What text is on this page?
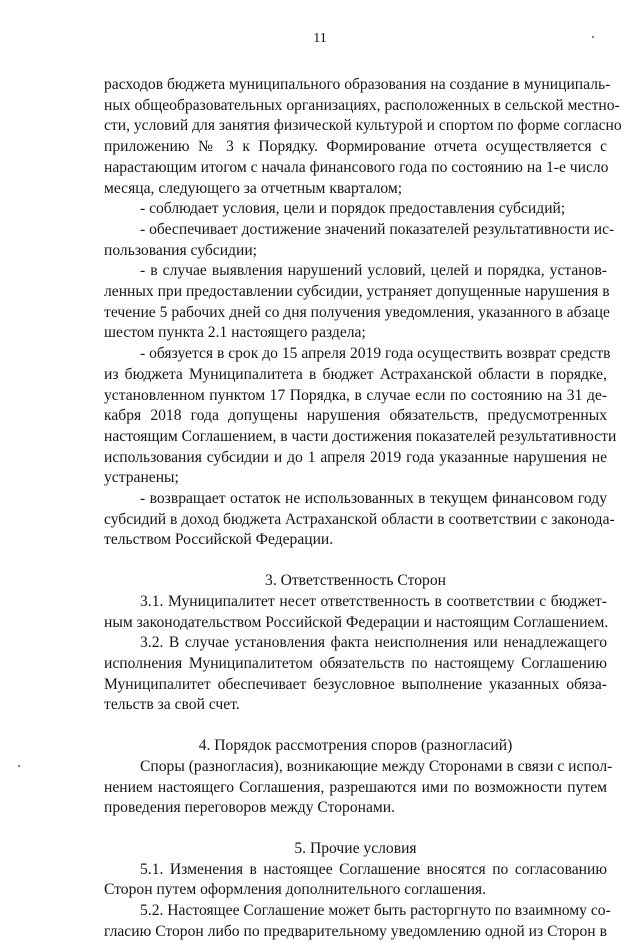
11
расходов бюджета муниципального образования на создание в муниципаль-
ных общеобразовательных организациях, расположенных в сельской местно-
сти, условий для занятия физической культурой и спортом по форме согласно
приложению № 3 к Порядку. Формирование отчета осуществляется с
нарастающим итогом с начала финансового года по состоянию на 1-е число
месяца, следующего за отчетным кварталом;
- соблюдает условия, цели и порядок предоставления субсидий;
- обеспечивает достижение значений показателей результативности ис-
пользования субсидии;
- в случае выявления нарушений условий, целей и порядка, установ-
ленных при предоставлении субсидии, устраняет допущенные нарушения в
течение 5 рабочих дней со дня получения уведомления, указанного в абзаце
шестом пункта 2.1 настоящего раздела;
- обязуется в срок до 15 апреля 2019 года осуществить возврат средств
из бюджета Муниципалитета в бюджет Астраханской области в порядке,
установленном пунктом 17 Порядка, в случае если по состоянию на 31 де-
кабря 2018 года допущены нарушения обязательств, предусмотренных
настоящим Соглашением, в части достижения показателей результативности
использования субсидии и до 1 апреля 2019 года указанные нарушения не
устранены;
- возвращает остаток не использованных в текущем финансовом году
субсидий в доход бюджета Астраханской области в соответствии с законода-
тельством Российской Федерации.
3. Ответственность Сторон
3.1. Муниципалитет несет ответственность в соответствии с бюджет-
ным законодательством Российской Федерации и настоящим Соглашением.
3.2. В случае установления факта неисполнения или ненадлежащего
исполнения Муниципалитетом обязательств по настоящему Соглашению
Муниципалитет обеспечивает безусловное выполнение указанных обяза-
тельств за свой счет.
4. Порядок рассмотрения споров (разногласий)
Споры (разногласия), возникающие между Сторонами в связи с испол-
нением настоящего Соглашения, разрешаются ими по возможности путем
проведения переговоров между Сторонами.
5. Прочие условия
5.1. Изменения в настоящее Соглашение вносятся по согласованию
Сторон путем оформления дополнительного соглашения.
5.2. Настоящее Соглашение может быть расторгнуто по взаимному со-
гласию Сторон либо по предварительному уведомлению одной из Сторон в
